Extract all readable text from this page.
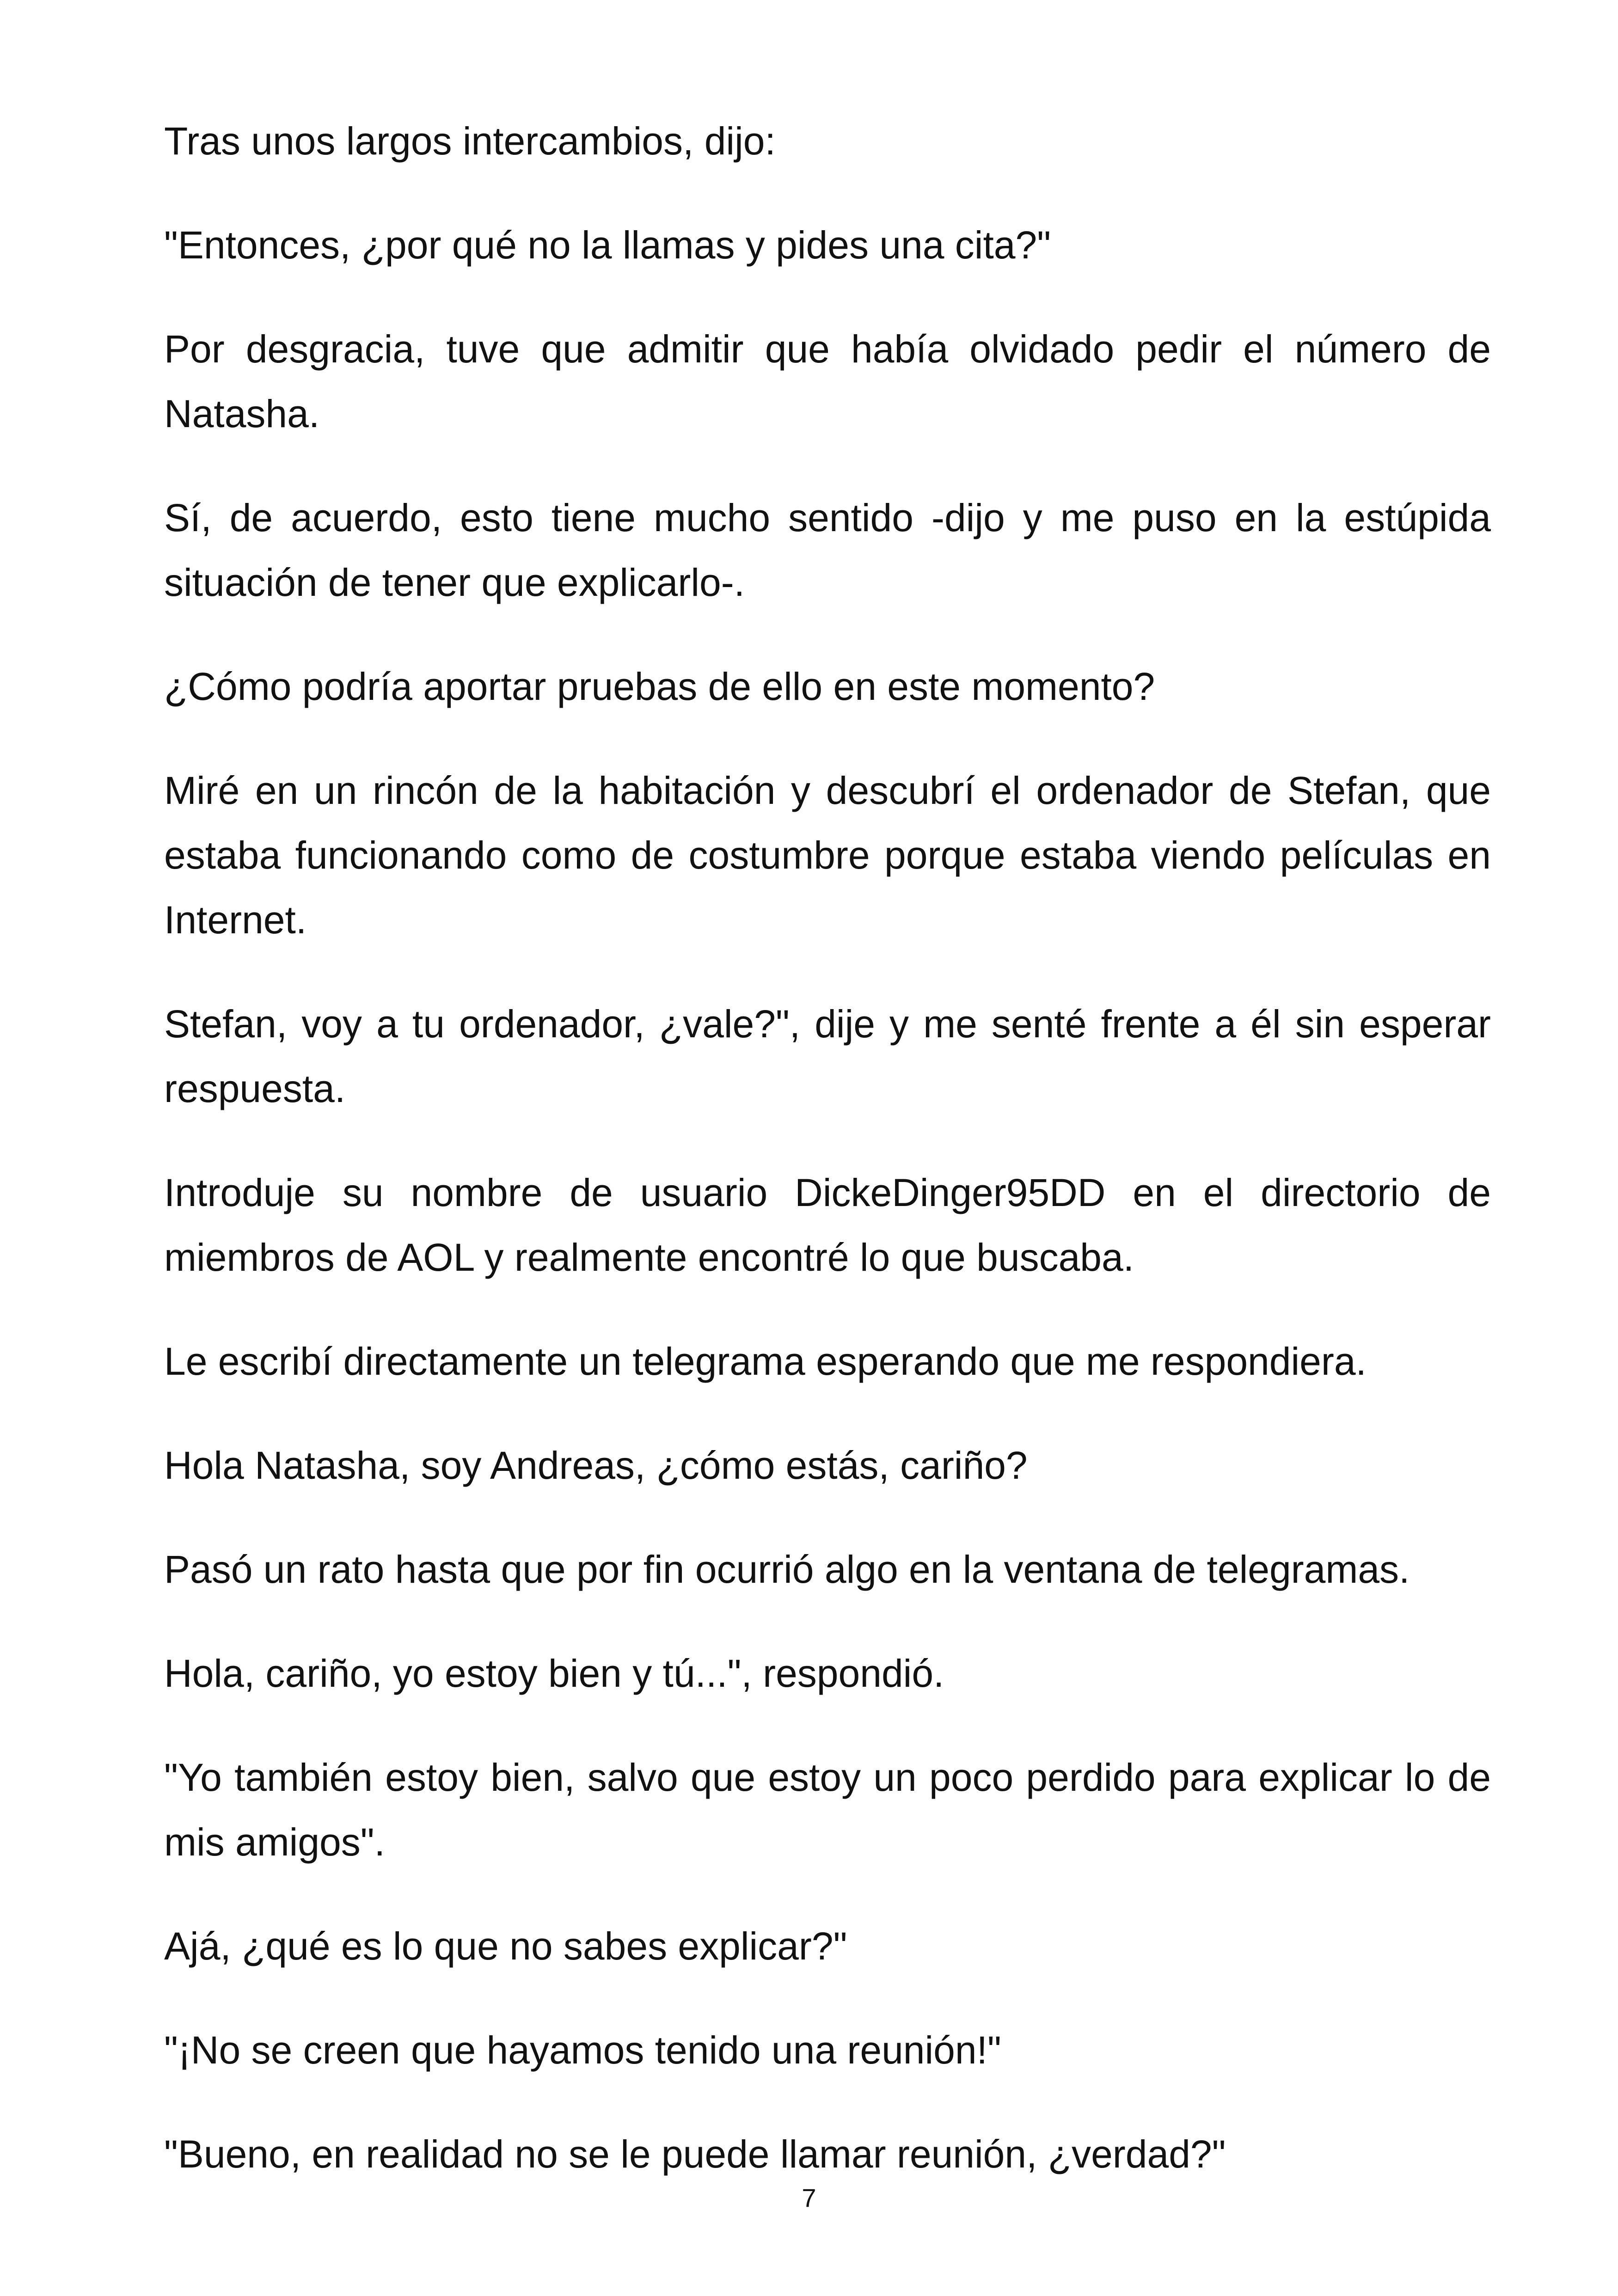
Tras unos largos intercambios, dijo:

"Entonces, ¿por qué no la llamas y pides una cita?"

Por desgracia, tuve que admitir que había olvidado pedir el número de Natasha.

Sí, de acuerdo, esto tiene mucho sentido -dijo y me puso en la estúpida situación de tener que explicarlo-.

¿Cómo podría aportar pruebas de ello en este momento?

Miré en un rincón de la habitación y descubrí el ordenador de Stefan, que estaba funcionando como de costumbre porque estaba viendo películas en Internet.

Stefan, voy a tu ordenador, ¿vale?", dije y me senté frente a él sin esperar respuesta.

Introduje su nombre de usuario DickeDinger95DD en el directorio de miembros de AOL y realmente encontré lo que buscaba.

Le escribí directamente un telegrama esperando que me respondiera.

Hola Natasha, soy Andreas, ¿cómo estás, cariño?

Pasó un rato hasta que por fin ocurrió algo en la ventana de telegramas.

Hola, cariño, yo estoy bien y tú...", respondió.

"Yo también estoy bien, salvo que estoy un poco perdido para explicar lo de mis amigos".

Ajá, ¿qué es lo que no sabes explicar?"

"¡No se creen que hayamos tenido una reunión!"

"Bueno, en realidad no se le puede llamar reunión, ¿verdad?"

7
